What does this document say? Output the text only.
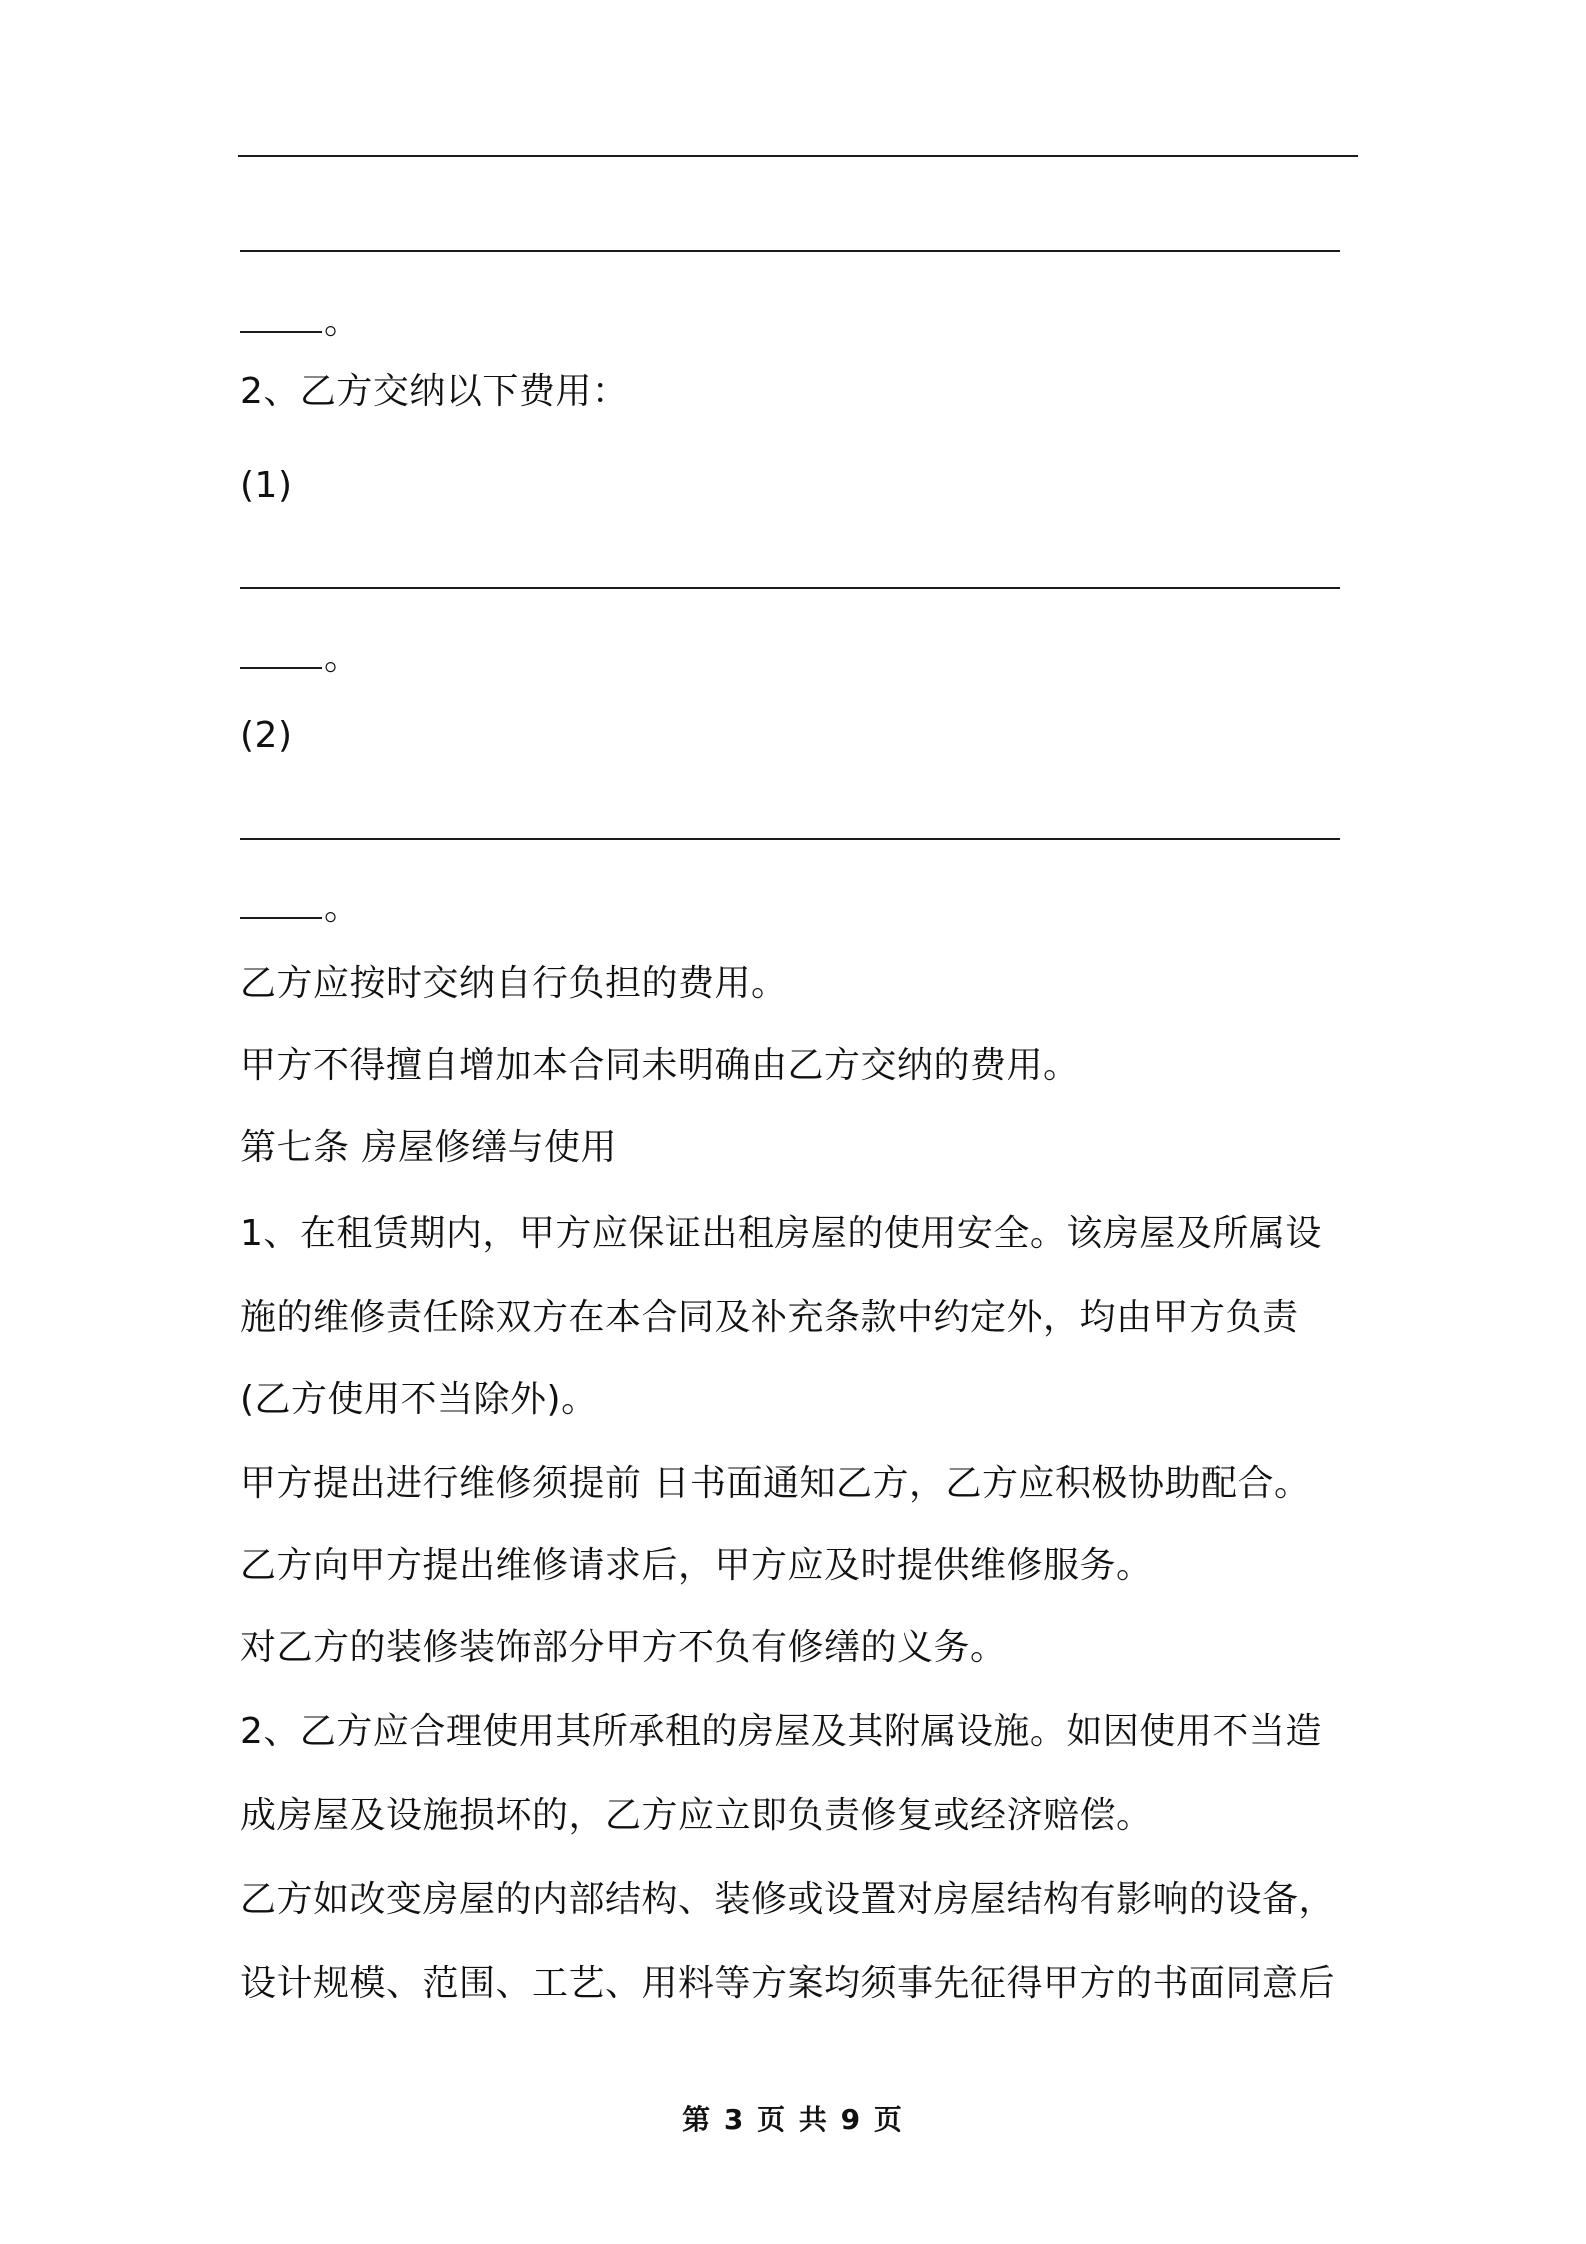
。
2、乙方交纳以下费用：
(1)
。
(2)
。
乙方应按时交纳自行负担的费用。
甲方不得擅自增加本合同未明确由乙方交纳的费用。
第七条 房屋修缮与使用
1、在租赁期内，甲方应保证出租房屋的使用安全。该房屋及所属设
施的维修责任除双方在本合同及补充条款中约定外，均由甲方负责
(乙方使用不当除外)。
甲方提出进行维修须提前 日书面通知乙方，乙方应积极协助配合。
乙方向甲方提出维修请求后，甲方应及时提供维修服务。
对乙方的装修装饰部分甲方不负有修缮的义务。
2、乙方应合理使用其所承租的房屋及其附属设施。如因使用不当造
成房屋及设施损坏的，乙方应立即负责修复或经济赔偿。
乙方如改变房屋的内部结构、装修或设置对房屋结构有影响的设备，
设计规模、范围、工艺、用料等方案均须事先征得甲方的书面同意后
第 3 页 共 9 页
